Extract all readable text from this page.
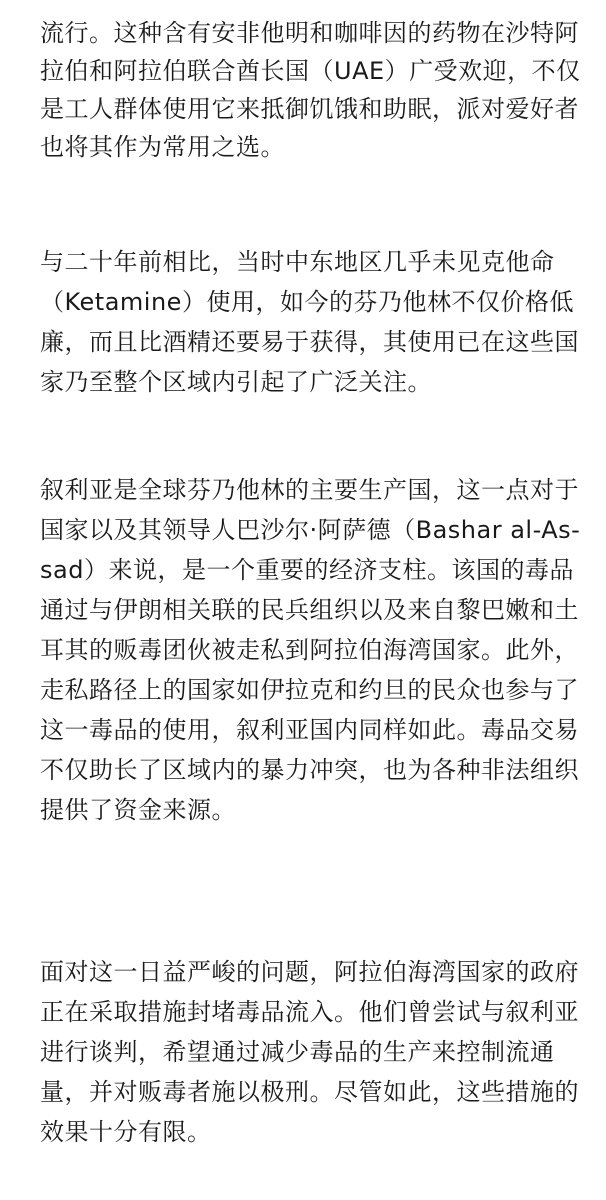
流行。这种含有安非他明和咖啡因的药物在沙特阿
拉伯和阿拉伯联合酋长国（UAE）广受欢迎，不仅
是工人群体使用它来抵御饥饿和助眠，派对爱好者
也将其作为常用之选。
与二十年前相比，当时中东地区几乎未见克他命
（Ketamine）使用，如今的芬乃他林不仅价格低
廉，而且比酒精还要易于获得，其使用已在这些国
家乃至整个区域内引起了广泛关注。
叙利亚是全球芬乃他林的主要生产国，这一点对于
国家以及其领导人巴沙尔·阿萨德（Bashar al-As-
sad）来说，是一个重要的经济支柱。该国的毒品
通过与伊朗相关联的民兵组织以及来自黎巴嫩和土
耳其的贩毒团伙被走私到阿拉伯海湾国家。此外，
走私路径上的国家如伊拉克和约旦的民众也参与了
这一毒品的使用，叙利亚国内同样如此。毒品交易
不仅助长了区域内的暴力冲突，也为各种非法组织
提供了资金来源。
面对这一日益严峻的问题，阿拉伯海湾国家的政府
正在采取措施封堵毒品流入。他们曾尝试与叙利亚
进行谈判，希望通过减少毒品的生产来控制流通
量，并对贩毒者施以极刑。尽管如此，这些措施的
效果十分有限。
